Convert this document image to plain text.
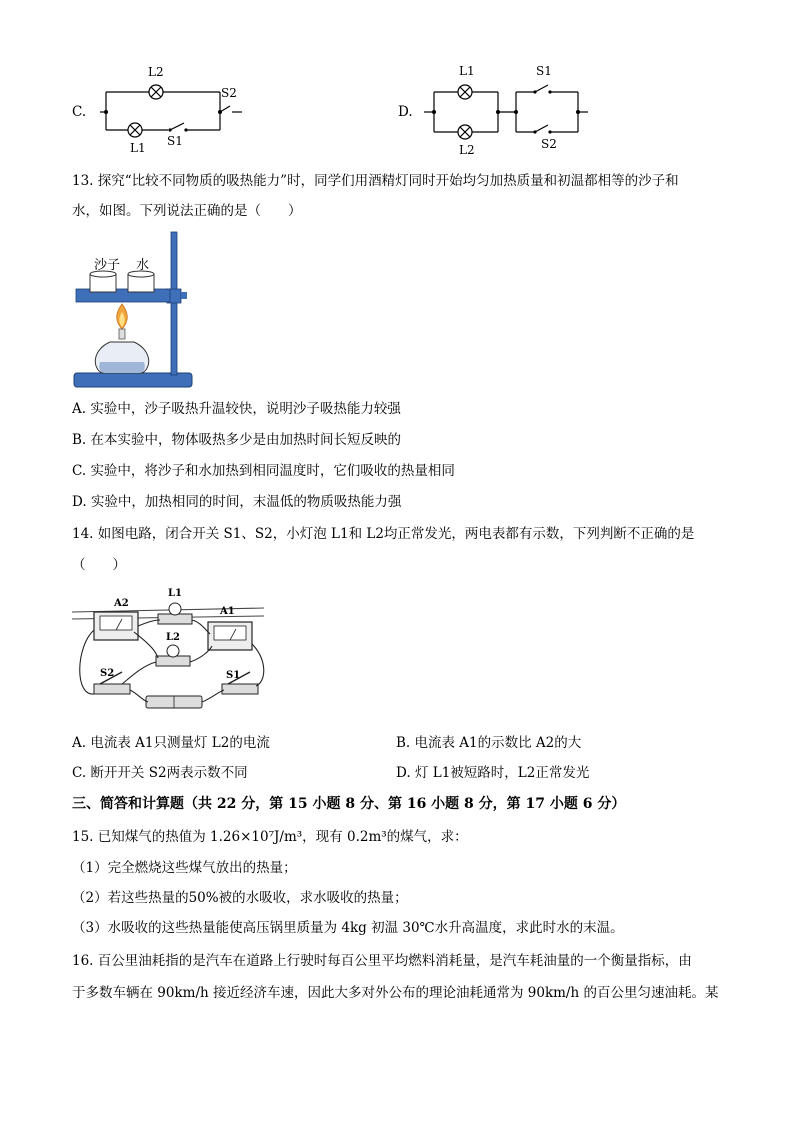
C.
L2
L1
S2
S1
D.
L1
L2
S1
S2
13. 探究“比较不同物质的吸热能力”时，同学们用酒精灯同时开始均匀加热质量和初温都相等的沙子和
水，如图。下列说法正确的是（　　）
沙子 水
A. 实验中，沙子吸热升温较快，说明沙子吸热能力较强
B. 在本实验中，物体吸热多少是由加热时间长短反映的
C. 实验中，将沙子和水加热到相同温度时，它们吸收的热量相同
D. 实验中，加热相同的时间，末温低的物质吸热能力强
14. 如图电路，闭合开关 S1、S2，小灯泡 L1和 L2均正常发光，两电表都有示数，下列判断不正确的是
（　　）
A2
L1
A1
L2
S2	S1
A. 电流表 A1只测量灯 L2的电流	B. 电流表 A1的示数比 A2的大
C. 断开开关 S2两表示数不同	D. 灯 L1被短路时，L2正常发光
三、简答和计算题（共 22 分，第 15 小题 8 分、第 16 小题 8 分，第 17 小题 6 分）
15. 已知煤气的热值为 1.26×10⁷J/m³，现有 0.2m³的煤气，求：
（1）完全燃烧这些煤气放出的热量；
（2）若这些热量的50%被的水吸收，求水吸收的热量；
（3）水吸收的这些热量能使高压锅里质量为 4kg 初温 30℃水升高温度，求此时水的末温。
16. 百公里油耗指的是汽车在道路上行驶时每百公里平均燃料消耗量，是汽车耗油量的一个衡量指标，由
于多数车辆在 90km/h 接近经济车速，因此大多对外公布的理论油耗通常为 90km/h 的百公里匀速油耗。某
